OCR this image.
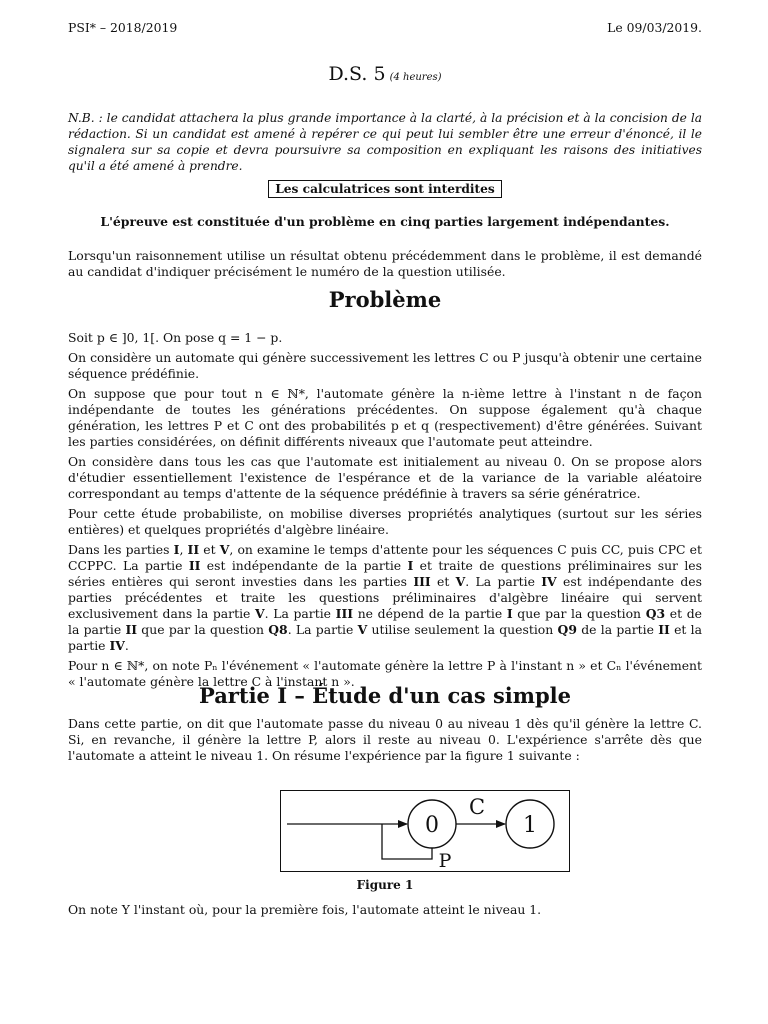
PSI* – 2018/2019	Le 09/03/2019.
D.S. 5 (4 heures)
N.B. : le candidat attachera la plus grande importance à la clarté, à la précision et à la concision de la rédaction. Si un candidat est amené à repérer ce qui peut lui sembler être une erreur d'énoncé, il le signalera sur sa copie et devra poursuivre sa composition en expliquant les raisons des initiatives qu'il a été amené à prendre.
Les calculatrices sont interdites
L'épreuve est constituée d'un problème en cinq parties largement indépendantes.
Lorsqu'un raisonnement utilise un résultat obtenu précédemment dans le problème, il est demandé au candidat d'indiquer précisément le numéro de la question utilisée.
Problème

Soit p ∈ ]0, 1[. On pose q = 1 − p.

On considère un automate qui génère successivement les lettres C ou P jusqu'à obtenir une certaine séquence prédéfinie.

On suppose que pour tout n ∈ ℕ*, l'automate génère la n-ième lettre à l'instant n de façon indépendante de toutes les générations précédentes. On suppose également qu'à chaque génération, les lettres P et C ont des probabilités p et q (respectivement) d'être générées. Suivant les parties considérées, on définit différents niveaux que l'automate peut atteindre.

On considère dans tous les cas que l'automate est initialement au niveau 0. On se propose alors d'étudier essentiellement l'existence de l'espérance et de la variance de la variable aléatoire correspondant au temps d'attente de la séquence prédéfinie à travers sa série génératrice.

Pour cette étude probabiliste, on mobilise diverses propriétés analytiques (surtout sur les séries entières) et quelques propriétés d'algèbre linéaire.

Dans les parties I, II et V, on examine le temps d'attente pour les séquences C puis CC, puis CPC et CCPPC. La partie II est indépendante de la partie I et traite de questions préliminaires sur les séries entières qui seront investies dans les parties III et V. La partie IV est indépendante des parties précédentes et traite les questions préliminaires d'algèbre linéaire qui servent exclusivement dans la partie V. La partie III ne dépend de la partie I que par la question Q3 et de la partie II que par la question Q8. La partie V utilise seulement la question Q9 de la partie II et la partie IV.

Pour n ∈ ℕ*, on note Pₙ l'événement « l'automate génère la lettre P à l'instant n » et Cₙ l'événement « l'automate génère la lettre C à l'instant n ».

Partie I – Étude d'un cas simple
Dans cette partie, on dit que l'automate passe du niveau 0 au niveau 1 dès qu'il génère la lettre C. Si, en revanche, il génère la lettre P, alors il reste au niveau 0. L'expérience s'arrête dès que l'automate a atteint le niveau 1. On résume l'expérience par la figure 1 suivante :
0	1
C
P
Figure 1
On note Y l'instant où, pour la première fois, l'automate atteint le niveau 1.
